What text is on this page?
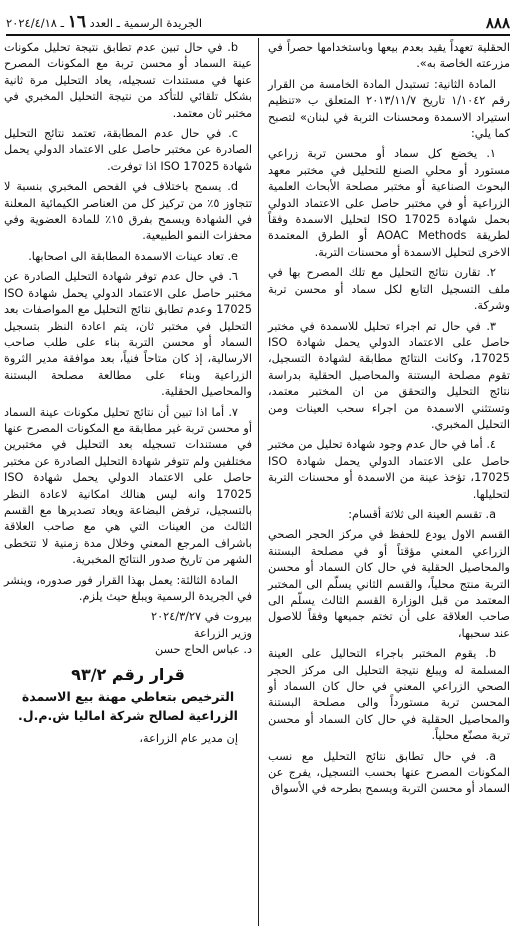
٨٨٨
الجريدة الرسمية ـ العدد ١٦ ـ ٢٠٢٤/٤/١٨

الحقلية تعهداً يقيد بعدم بيعها وباستخدامها حصراً في مزرعته الخاصة به».

المادة الثانية: تستبدل المادة الخامسة من القرار رقم ١/١٠٤٢ تاريخ ٢٠١٣/١١/٧ المتعلق ب «تنظيم استيراد الاسمدة ومحسنات التربة في لبنان» لتصبح كما يلي:

١. يخضع كل سماد أو محسن تربة زراعي مستورد أو محلي الصنع للتحليل في مختبر معهد البحوث الصناعية أو مختبر مصلحة الأبحاث العلمية الزراعية أو في مختبر حاصل على الاعتماد الدولي بحمل شهادة ISO 17025 لتحليل الاسمدة وفقاً لطريقة AOAC Methods أو الطرق المعتمدة الاخرى لتحليل الاسمدة أو محسنات التربة.

٢. تقارن نتائج التحليل مع تلك المصرح بها في ملف التسجيل التابع لكل سماد أو محسن تربة وشركة.

٣. في حال تم اجراء تحليل للاسمدة في مختبر حاصل على الاعتماد الدولي يحمل شهادة ISO 17025، وكانت النتائج مطابقة لشهادة التسجيل، تقوم مصلحة البستنة والمحاصيل الحقلية بدراسة نتائج التحليل والتحقق من ان المختبر معتمد، وتستثني الاسمدة من اجراء سحب العينات ومن التحليل المخبري.

٤. أما في حال عدم وجود شهادة تحليل من مختبر حاصل على الاعتماد الدولي يحمل شهادة ISO 17025، تؤخذ عينة من الاسمدة أو محسنات التربة لتحليلها.

a. تقسم العينة الى ثلاثة أقسام:

القسم الاول يودع للحفظ في مركز الحجر الصحي الزراعي المعني مؤقتاً أو في مصلحة البستنة والمحاصيل الحقلية في حال كان السماد أو محسن التربة منتج محلياً، والقسم الثاني يسلّم الى المختبر المعتمد من قبل الوزارة القسم الثالث يسلّم الى صاحب العلاقة على أن تختم جميعها وفقاً للاصول عند سحبها،

b. يقوم المختبر باجراء التحاليل على العينة المسلمة له ويبلغ نتيجة التحليل الى مركز الحجر الصحي الزراعي المعني في حال كان السماد أو المحسن تربة مستورداً والى مصلحة البستنة والمحاصيل الحقلية في حال كان السماد أو محسن تربة مصنّع محلياً.

a. في حال تطابق نتائج التحليل مع نسب المكونات المصرح عنها بحسب التسجيل، يفرج عن السماد أو محسن التربة ويسمح بطرحه في الأسواق

b. في حال تبين عدم تطابق نتيجة تحليل مكونات عينة السماد أو محسن تربة مع المكونات المصرح عنها في مستندات تسجيله، يعاد التحليل مرة ثانية بشكل تلقائي للتأكد من نتيجة التحليل المخبري في مختبر ثان معتمد.

c. في حال عدم المطابقة، تعتمد نتائج التحليل الصادرة عن مختبر حاصل على الاعتماد الدولي يحمل شهادة ISO 17025 اذا توفرت.

d. يسمح باختلاف في الفحص المخبري بنسبة لا تتجاوز ٥٪ من تركيز كل من العناصر الكيمائية المعلنة في الشهادة ويسمح بفرق ١٥٪ للمادة العضوية وفي محفزات النمو الطبيعية.

e. تعاد عينات الاسمدة المطابقة الى اصحابها.

٦. في حال عدم توفر شهادة التحليل الصادرة عن مختبر حاصل على الاعتماد الدولي يحمل شهادة ISO 17025 وعدم تطابق نتائج التحليل مع المواصفات بعد التحليل في مختبر ثان، يتم اعادة النظر بتسجيل السماد أو محسن التربة بناء على طلب صاحب الارسالية، إذ كان متاحاً فنياً، بعد موافقة مدير الثروة الزراعية وبناء على مطالعة مصلحة البستنة والمحاصيل الحقلية.

٧. أما اذا تبين أن نتائج تحليل مكونات عينة السماد أو محسن تربة غير مطابقة مع المكونات المصرح عنها في مستندات تسجيله بعد التحليل في مختبرين مختلفين ولم تتوفر شهادة التحليل الصادرة عن مختبر حاصل على الاعتماد الدولي يحمل شهادة ISO 17025 وانه ليس هنالك امكانية لاعادة النظر بالتسجيل، ترفض البضاعة ويعاد تصديرها مع القسم الثالث من العينات التي هي مع صاحب العلاقة باشراف المرجع المعني وخلال مدة زمنية لا تتخطى الشهر من تاريخ صدور النتائج المخبرية.

المادة الثالثة: يعمل بهذا القرار فور صدوره، وينشر في الجريدة الرسمية ويبلغ حيث يلزم.

بيروت في ٢٠٢٤/٣/٢٧
وزير الزراعة
د. عباس الحاج حسن
قرار رقم ٩٣/٢
الترخيص بتعاطي مهنة بيع الاسمدة الزراعية لصالح شركة اماليا ش.م.ل.

إن مدير عام الزراعة،
